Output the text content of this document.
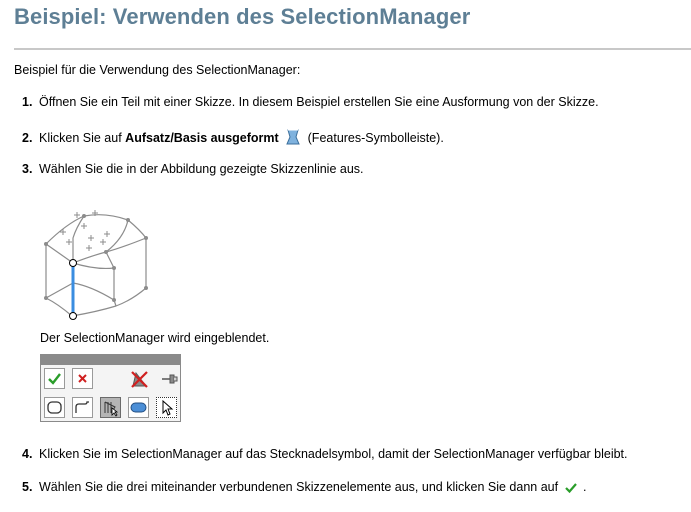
Beispiel: Verwenden des SelectionManager
Beispiel für die Verwendung des SelectionManager:
1. Öffnen Sie ein Teil mit einer Skizze. In diesem Beispiel erstellen Sie eine Ausformung von der Skizze.
2. Klicken Sie auf Aufsatz/Basis ausgeformt  (Features-Symbolleiste).
3. Wählen Sie die in der Abbildung gezeigte Skizzenlinie aus.
Der SelectionManager wird eingeblendet.
4. Klicken Sie im SelectionManager auf das Stecknadelsymbol, damit der SelectionManager verfügbar bleibt.
5. Wählen Sie die drei miteinander verbundenen Skizzenelemente aus, und klicken Sie dann auf  .
